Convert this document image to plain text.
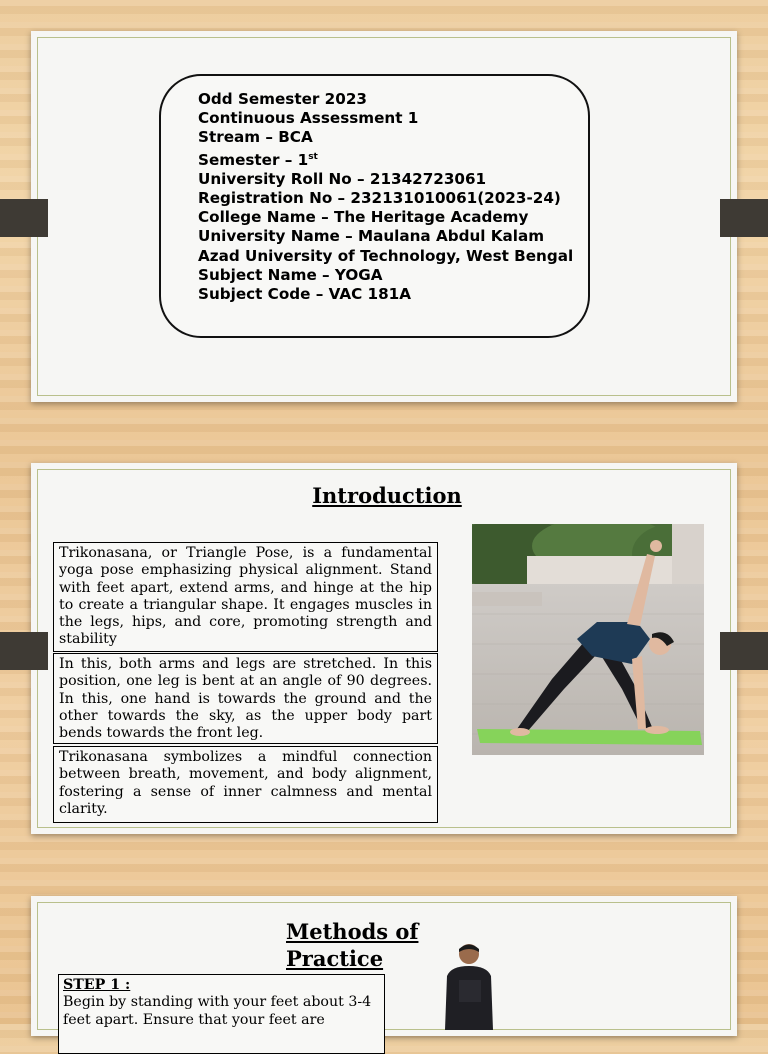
Odd Semester 2023
Continuous Assessment 1
Stream – BCA
Semester – 1st
University Roll No – 21342723061
Registration No – 232131010061(2023-24)
College Name – The Heritage Academy
University Name – Maulana Abdul Kalam Azad University of Technology, West Bengal
Subject Name – YOGA
Subject Code – VAC 181A
Introduction
Trikonasana, or Triangle Pose, is a fundamental yoga pose emphasizing physical alignment. Stand with feet apart, extend arms, and hinge at the hip to create a triangular shape. It engages muscles in the legs, hips, and core, promoting strength and stability
In this, both arms and legs are stretched. In this position, one leg is bent at an angle of 90 degrees. In this, one hand is towards the ground and the other towards the sky, as the upper body part bends towards the front leg.
Trikonasana symbolizes a mindful connection between breath, movement, and body alignment, fostering a sense of inner calmness and mental clarity.
Methods of Practice
STEP 1 :
Begin by standing with your feet about 3-4 feet apart. Ensure that your feet are
